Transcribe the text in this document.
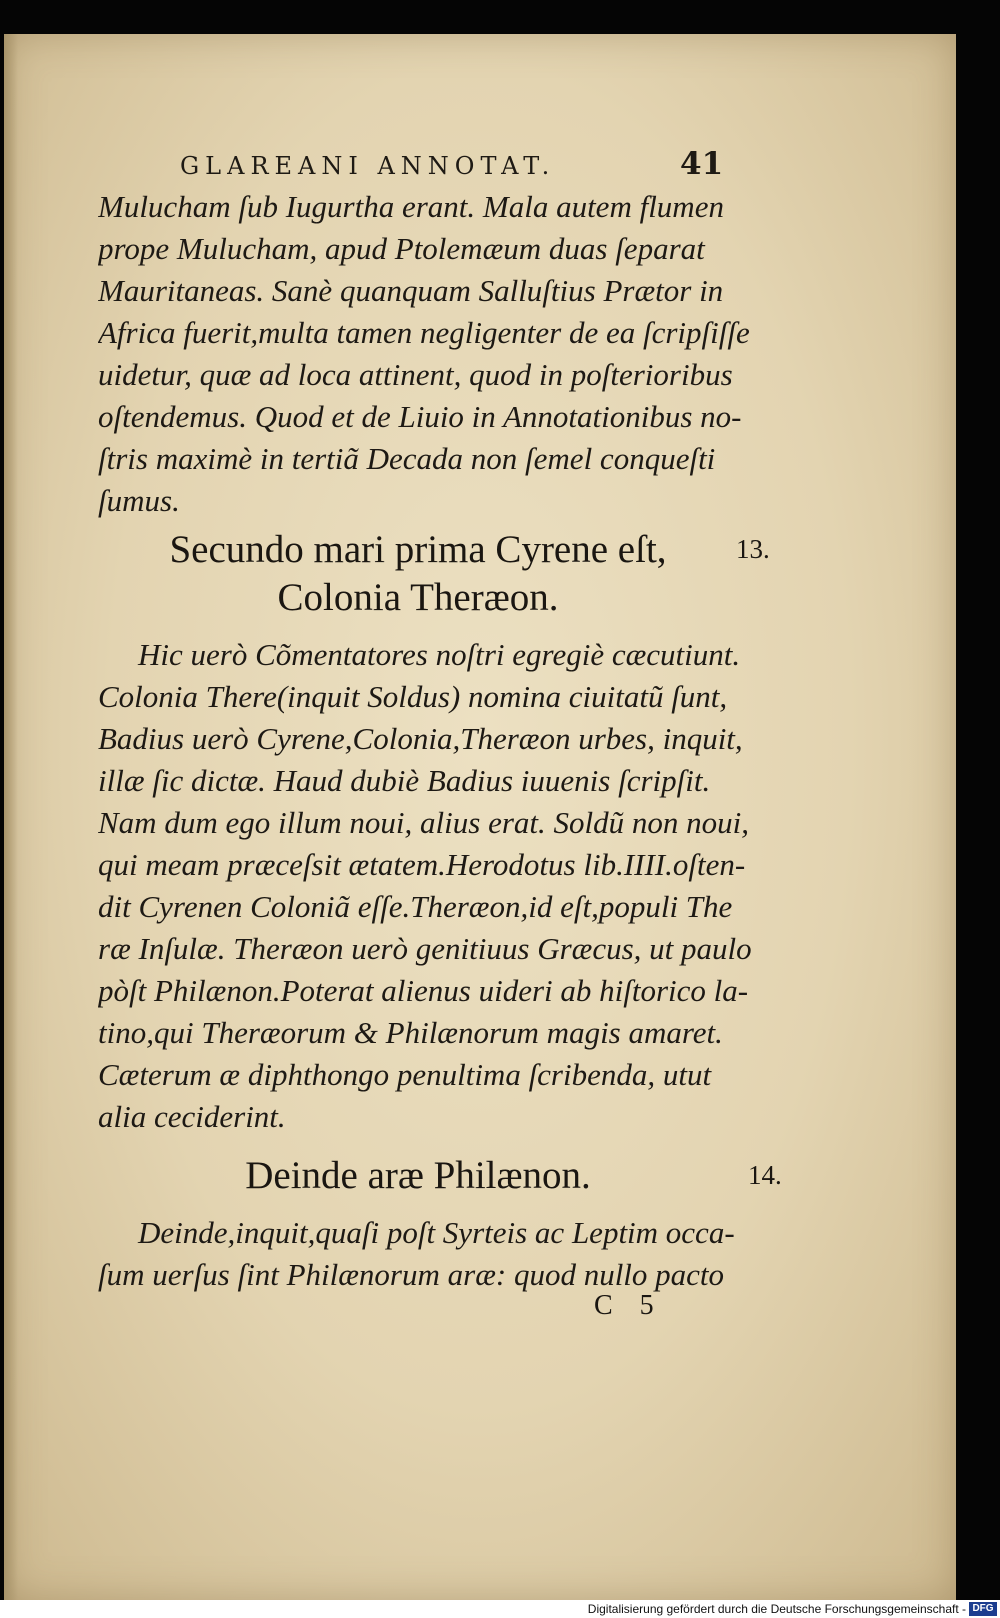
GLAREANI ANNOTAT.	41
Mulucham ſub Iugurtha erant. Mala autem flumen
prope Mulucham, apud Ptolemæum duas ſeparat
Mauritaneas. Sanè quanquam Salluſtius Prætor in
Africa fuerit,multa tamen negligenter de ea ſcripſiſſe
uidetur, quæ ad loca attinent, quod in poſterioribus
oſtendemus. Quod et de Liuio in Annotationibus no-
ſtris maximè in tertiã Decada non ſemel conqueſti
ſumus.
Secundo mari prima Cyrene eſt,
Colonia Theræon.
13.
Hic uerò Cõmentatores noſtri egregiè cæcutiunt.
Colonia There(inquit Soldus) nomina ciuitatũ ſunt,
Badius uerò Cyrene,Colonia,Theræon urbes, inquit,
illæ ſic dictæ. Haud dubiè Badius iuuenis ſcripſit.
Nam dum ego illum noui, alius erat. Soldũ non noui,
qui meam præceſsit ætatem.Herodotus lib.IIII.oſten-
dit Cyrenen Coloniã eſſe.Theræon,id eſt,populi The
ræ Inſulæ. Theræon uerò genitiuus Græcus, ut paulo
pòſt Philænon.Poterat alienus uideri ab hiſtorico la-
tino,qui Theræorum & Philænorum magis amaret.
Cæterum æ diphthongo penultima ſcribenda, utut
alia ceciderint.
Deinde aræ Philænon.	14.
Deinde,inquit,quaſi poſt Syrteis ac Leptim occa-
ſum uerſus ſint Philænorum aræ: quod nullo pacto
C 5
Digitalisierung gefördert durch die Deutsche Forschungsgemeinschaft - DFG
